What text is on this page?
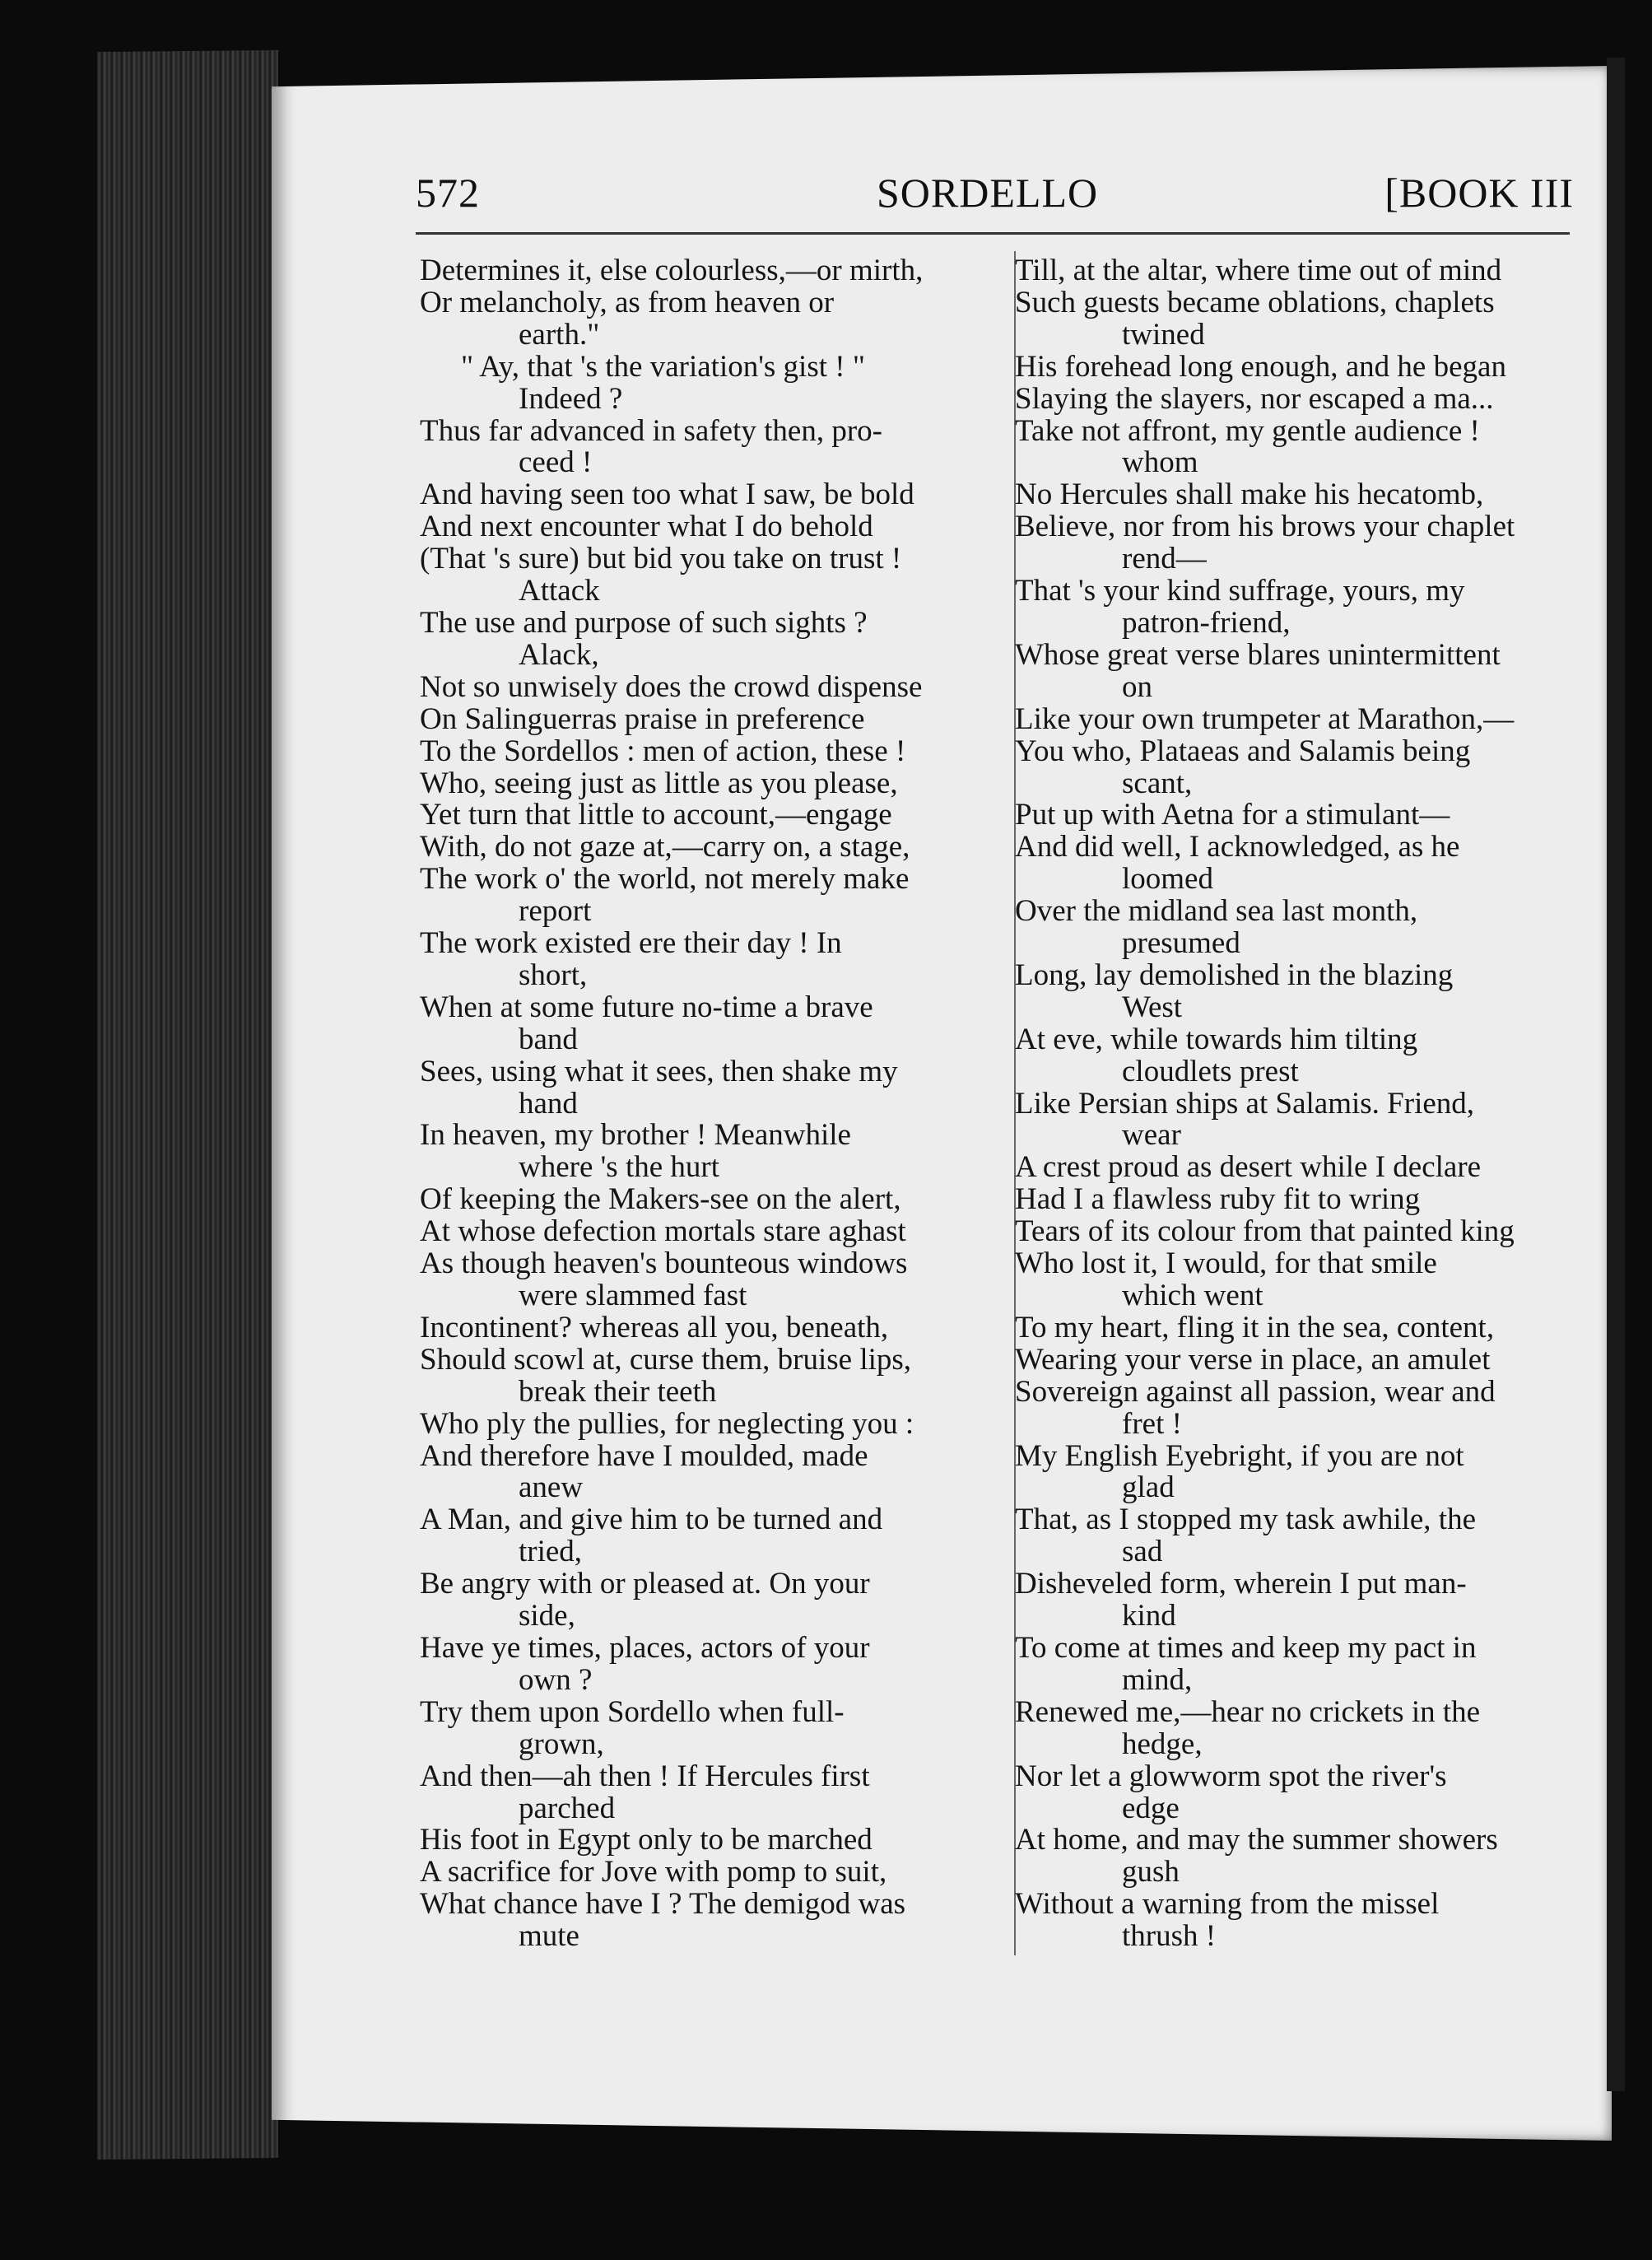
572	SORDELLO	[BOOK III
Determines it, else colourless,—or mirth,
Or melancholy, as from heaven or
earth."
" Ay, that 's the variation's gist ! "
Indeed ?
Thus far advanced in safety then, pro-
ceed !
And having seen too what I saw, be bold
And next encounter what I do behold
(That 's sure) but bid you take on trust !
Attack
The use and purpose of such sights ?
Alack,
Not so unwisely does the crowd dispense
On Salinguerras praise in preference
To the Sordellos : men of action, these !
Who, seeing just as little as you please,
Yet turn that little to account,—engage
With, do not gaze at,—carry on, a stage,
The work o' the world, not merely make
report
The work existed ere their day ! In
short,
When at some future no-time a brave
band
Sees, using what it sees, then shake my
hand
In heaven, my brother ! Meanwhile
where 's the hurt
Of keeping the Makers-see on the alert,
At whose defection mortals stare aghast
As though heaven's bounteous windows
were slammed fast
Incontinent? whereas all you, beneath,
Should scowl at, curse them, bruise lips,
break their teeth
Who ply the pullies, for neglecting you :
And therefore have I moulded, made
anew
A Man, and give him to be turned and
tried,
Be angry with or pleased at. On your
side,
Have ye times, places, actors of your
own ?
Try them upon Sordello when full-
grown,
And then—ah then ! If Hercules first
parched
His foot in Egypt only to be marched
A sacrifice for Jove with pomp to suit,
What chance have I ? The demigod was
mute
Till, at the altar, where time out of mind
Such guests became oblations, chaplets
twined
His forehead long enough, and he began
Slaying the slayers, nor escaped a ma...
Take not affront, my gentle audience !
whom
No Hercules shall make his hecatomb,
Believe, nor from his brows your chaplet
rend—
That 's your kind suffrage, yours, my
patron-friend,
Whose great verse blares unintermittent
on
Like your own trumpeter at Marathon,—
You who, Plataeas and Salamis being
scant,
Put up with Aetna for a stimulant—
And did well, I acknowledged, as he
loomed
Over the midland sea last month,
presumed
Long, lay demolished in the blazing
West
At eve, while towards him tilting
cloudlets prest
Like Persian ships at Salamis. Friend,
wear
A crest proud as desert while I declare
Had I a flawless ruby fit to wring
Tears of its colour from that painted king
Who lost it, I would, for that smile
which went
To my heart, fling it in the sea, content,
Wearing your verse in place, an amulet
Sovereign against all passion, wear and
fret !
My English Eyebright, if you are not
glad
That, as I stopped my task awhile, the
sad
Disheveled form, wherein I put man-
kind
To come at times and keep my pact in
mind,
Renewed me,—hear no crickets in the
hedge,
Nor let a glowworm spot the river's
edge
At home, and may the summer showers
gush
Without a warning from the missel
thrush !
